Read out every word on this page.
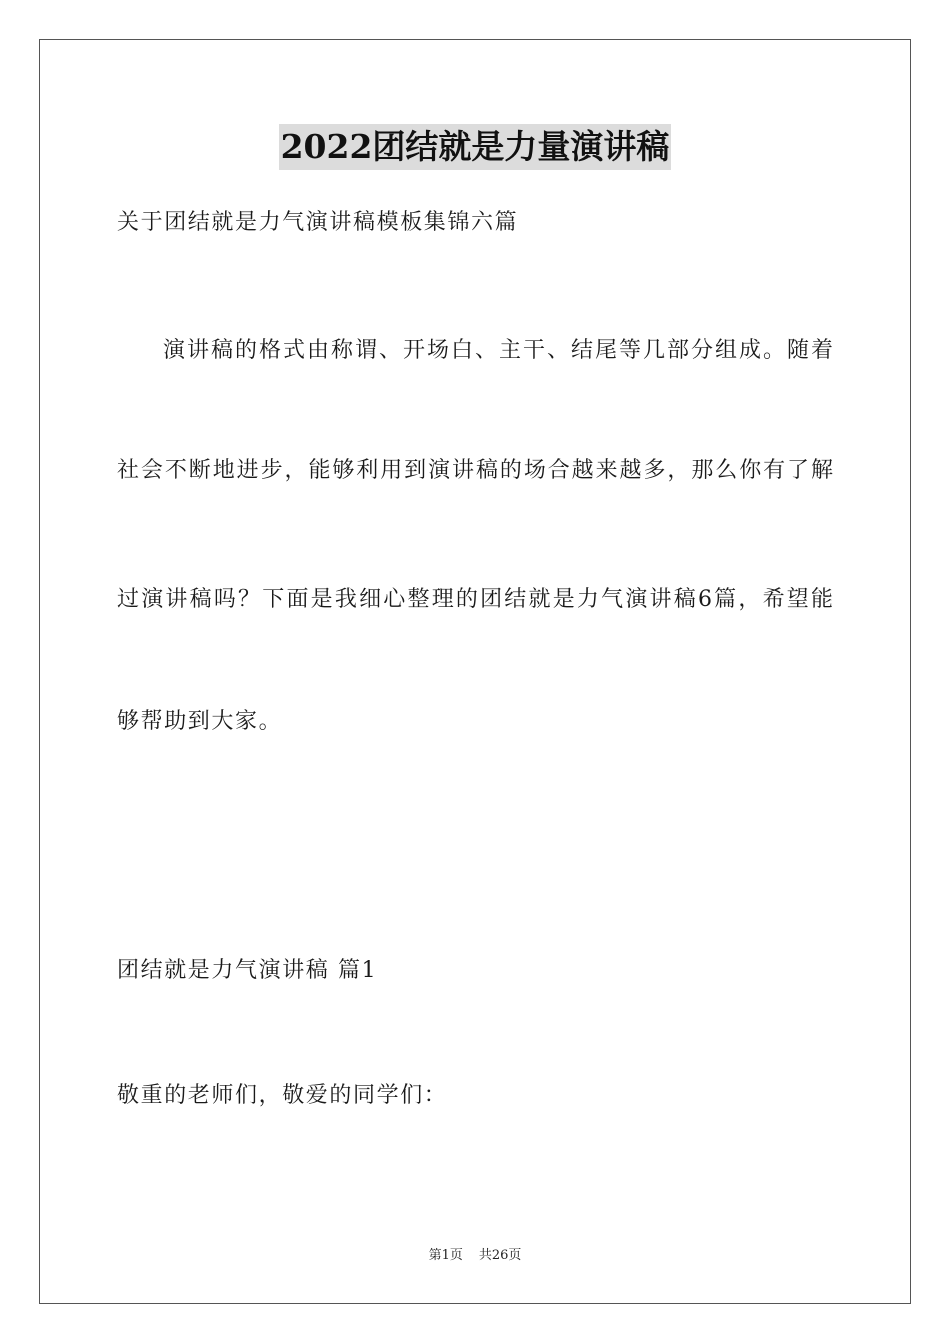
2022团结就是力量演讲稿
关于团结就是力气演讲稿模板集锦六篇
演讲稿的格式由称谓、开场白、主干、结尾等几部分组成。随着
社会不断地进步，能够利用到演讲稿的场合越来越多，那么你有了解
过演讲稿吗？下面是我细心整理的团结就是力气演讲稿6篇，希望能
够帮助到大家。
团结就是力气演讲稿 篇1
敬重的老师们，敬爱的同学们：
第1页 共26页
